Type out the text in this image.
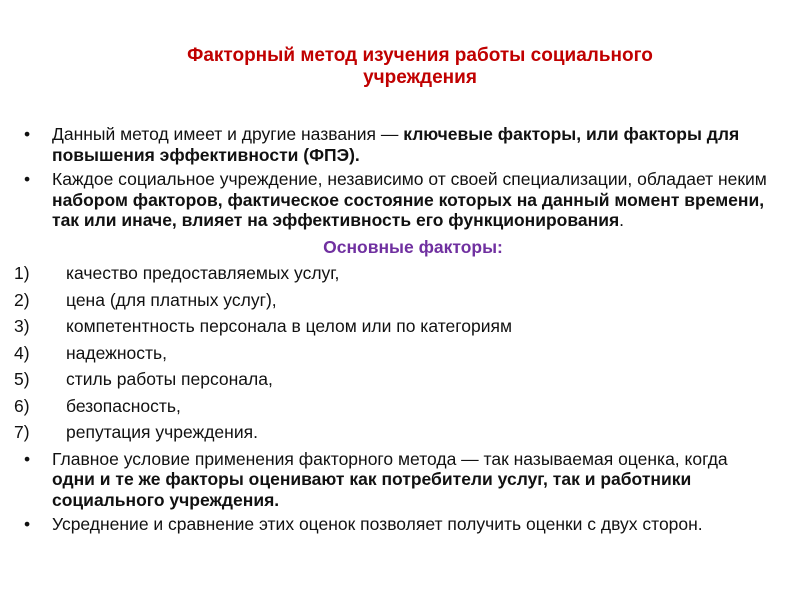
Факторный метод изучения работы социального
учреждения
•	Данный метод имеет и другие названия — ключевые факторы, или факторы для повышения эффективности (ФПЭ).
•	Каждое социальное учреждение, независимо от своей специализации, обладает неким набором факторов, фактическое состояние которых на данный момент времени, так или иначе, влияет на эффективность его функционирования.
Основные факторы:
1) качество предоставляемых услуг,
2) цена (для платных услуг),
3) компетентность персонала в целом или по категориям
4) надежность,
5) стиль работы персонала,
6) безопасность,
7) репутация учреждения.
•	Главное условие применения факторного метода — так называемая оценка, когда одни и те же факторы оценивают как потребители услуг, так и работники социального учреждения.
•	Усреднение и сравнение этих оценок позволяет получить оценки с двух сторон.
